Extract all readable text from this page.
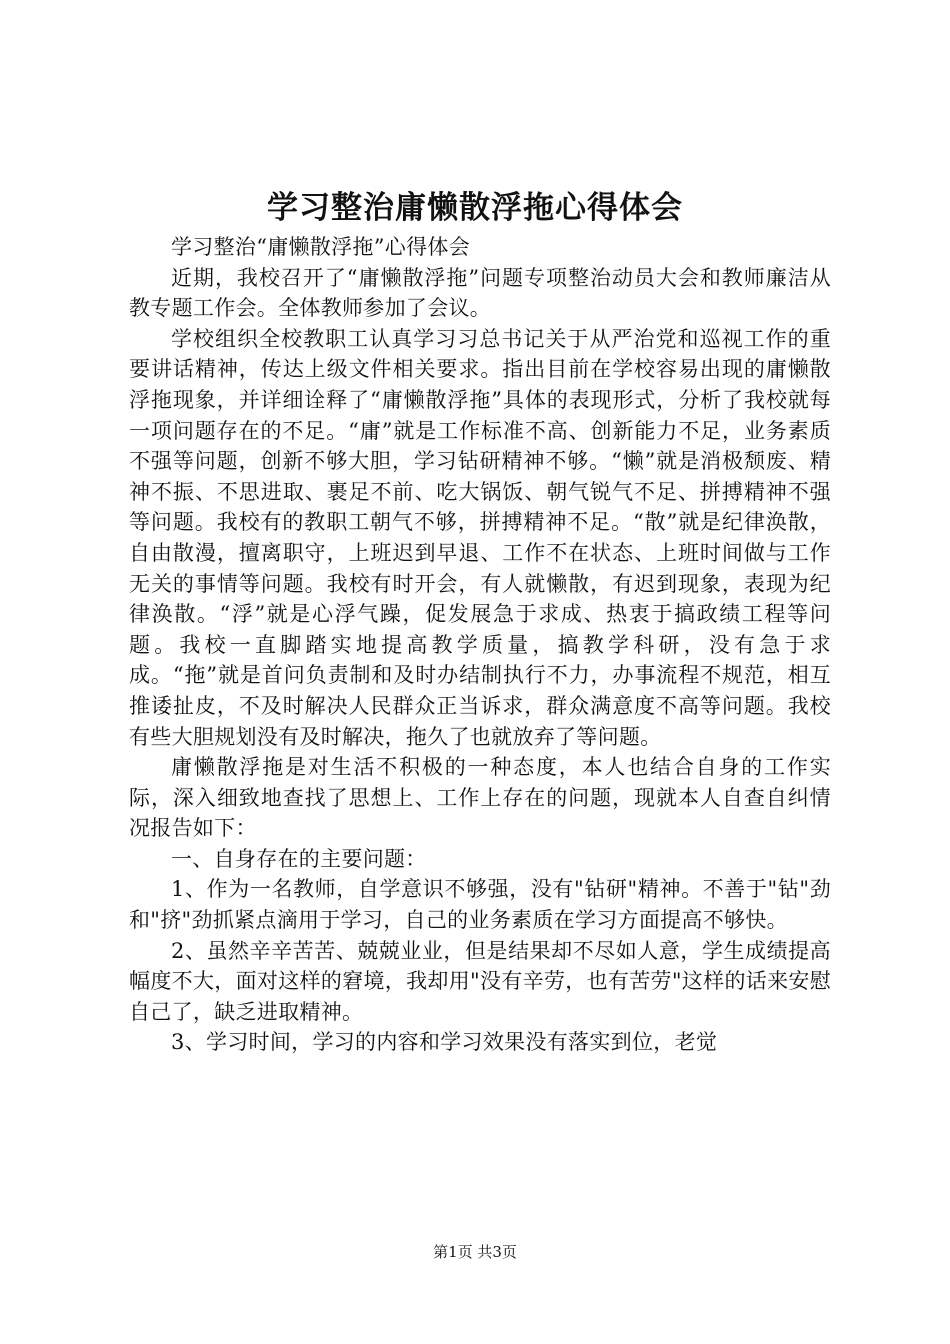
学习整治庸懒散浮拖心得体会

学习整治“庸懒散浮拖”心得体会

近期，我校召开了“庸懒散浮拖”问题专项整治动员大会和教师廉洁从教专题工作会。全体教师参加了会议。

学校组织全校教职工认真学习习总书记关于从严治党和巡视工作的重要讲话精神，传达上级文件相关要求。指出目前在学校容易出现的庸懒散浮拖现象，并详细诠释了“庸懒散浮拖”具体的表现形式，分析了我校就每一项问题存在的不足。“庸”就是工作标准不高、创新能力不足，业务素质不强等问题，创新不够大胆，学习钻研精神不够。“懒”就是消极颓废、精神不振、不思进取、裹足不前、吃大锅饭、朝气锐气不足、拼搏精神不强等问题。我校有的教职工朝气不够，拼搏精神不足。“散”就是纪律涣散，自由散漫，擅离职守，上班迟到早退、工作不在状态、上班时间做与工作无关的事情等问题。我校有时开会，有人就懒散，有迟到现象，表现为纪律涣散。“浮”就是心浮气躁，促发展急于求成、热衷于搞政绩工程等问题。我校一直脚踏实地提高教学质量，搞教学科研，没有急于求成。“拖”就是首问负责制和及时办结制执行不力，办事流程不规范，相互推诿扯皮，不及时解决人民群众正当诉求，群众满意度不高等问题。我校有些大胆规划没有及时解决，拖久了也就放弃了等问题。

庸懒散浮拖是对生活不积极的一种态度，本人也结合自身的工作实际，深入细致地查找了思想上、工作上存在的问题，现就本人自查自纠情况报告如下：

一、自身存在的主要问题：

1、作为一名教师，自学意识不够强，没有"钻研"精神。不善于"钻"劲和"挤"劲抓紧点滴用于学习，自己的业务素质在学习方面提高不够快。

2、虽然辛辛苦苦、兢兢业业，但是结果却不尽如人意，学生成绩提高幅度不大，面对这样的窘境，我却用"没有辛劳，也有苦劳"这样的话来安慰自己了，缺乏进取精神。

3、学习时间，学习的内容和学习效果没有落实到位，老觉

第1页 共3页
